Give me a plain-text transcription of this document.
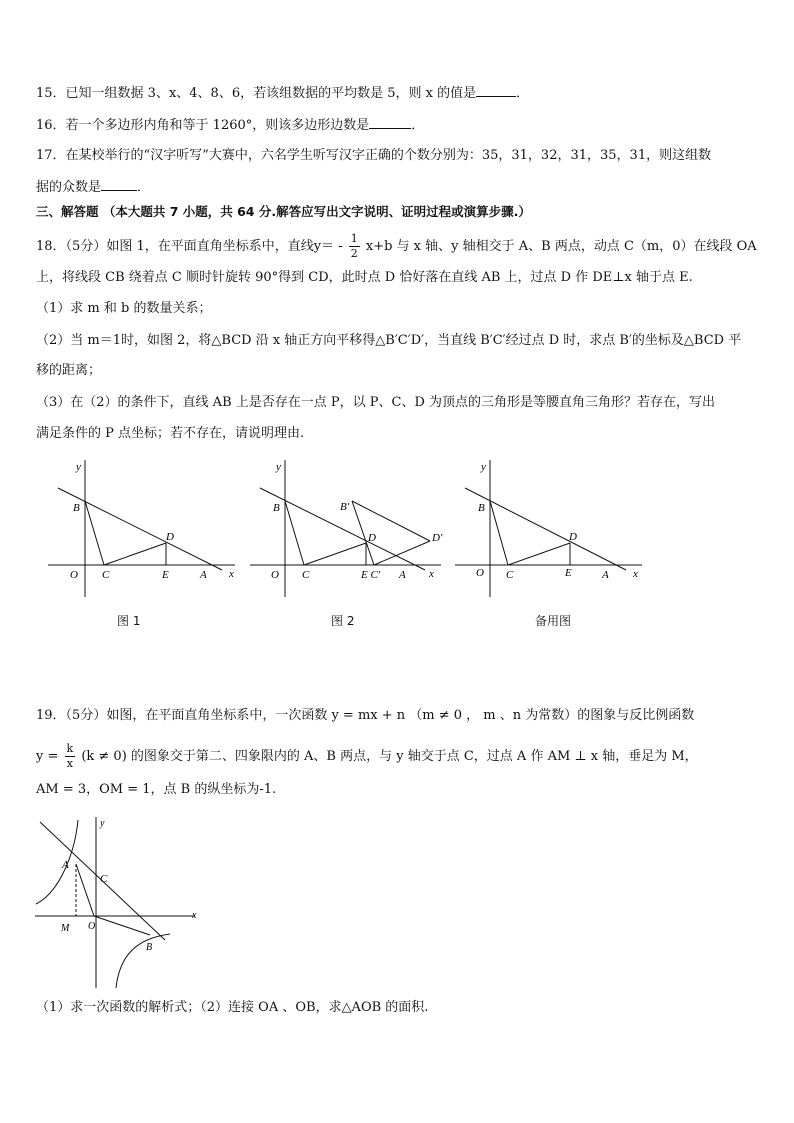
15．已知一组数据 3、x、4、8、6，若该组数据的平均数是 5，则 x 的值是	．
16．若一个多边形内角和等于 1260°，则该多边形边数是	．
17．在某校举行的“汉字听写”大赛中，六名学生听写汉字正确的个数分别为：35，31，32，31，35，31，则这组数
据的众数是	．
三、解答题 （本大题共 7 小题，共 64 分.解答应写出文字说明、证明过程或演算步骤.）
18．（5分）如图 1，在平面直角坐标系中，直线$y= - \frac{1}{2} x+b$ 与 x 轴、y 轴相交于 A、B 两点，动点 C（m，0）在线段 OA
上，将线段 CB 绕着点 C 顺时针旋转 90°得到 CD，此时点 D 恰好落在直线 AB 上，过点 D 作 DE⊥x 轴于点 E.
（1）求 m 和 b 的数量关系；
（2）当 m＝1时，如图 2，将△BCD 沿 x 轴正方向平移得△B′C′D′，当直线 B′C′经过点 D 时，求点 B′的坐标及△BCD 平
移的距离；
（3）在（2）的条件下，直线 AB 上是否存在一点 P，以 P、C、D 为顶点的三角形是等腰直角三角形？若存在，写出
满足条件的 P 点坐标；若不存在，请说明理由.
y
B
D
O C	E	A x
图 1
y
B	B′
D	D′
O C	E C′ A x
图 2
y
B
D
O C	E	A x
备用图
19．（5分）如图，在平面直角坐标系中，一次函数 y = mx + n （m ≠ 0 ， m 、n 为常数）的图象与反比例函数
$y = \frac{k}{x} (k \ne 0)$ 的图象交于第二、四象限内的 A、B 两点，与 y 轴交于点 C，过点 A 作 AM ⊥ x 轴，垂足为 M，
AM = 3，OM = 1，点 B 的纵坐标为-1.
y
A
C
x
M O
B
（1）求一次函数的解析式；（2）连接 OA 、OB，求△AOB 的面积.
